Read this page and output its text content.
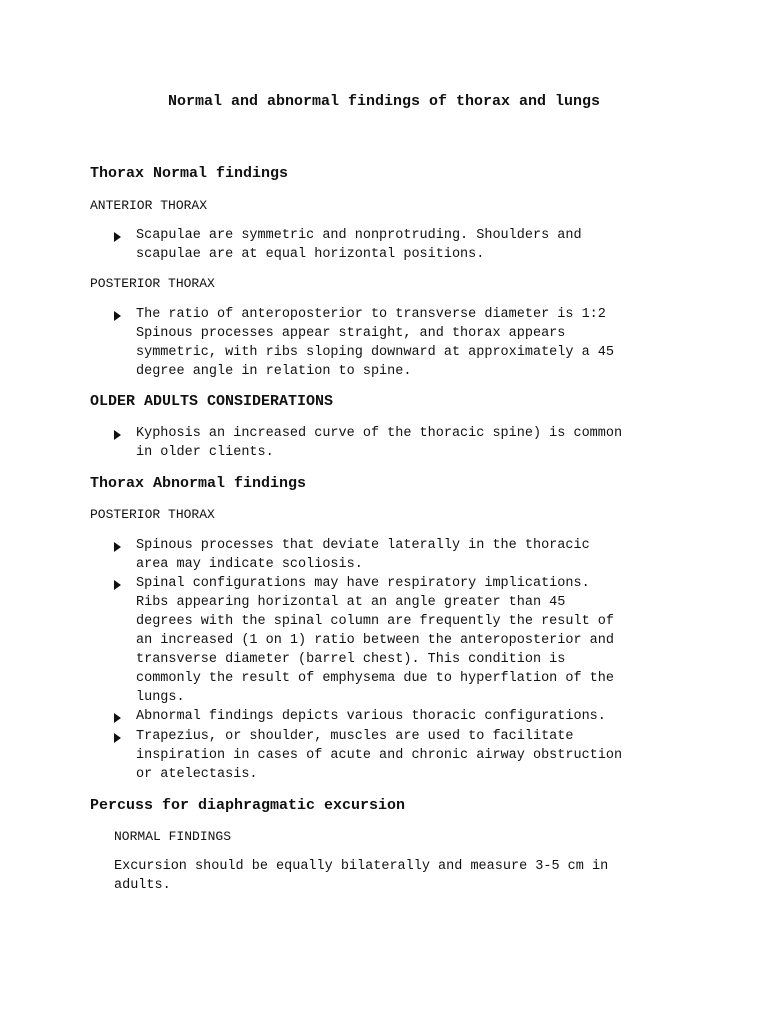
Normal and abnormal findings of thorax and lungs
Thorax Normal findings
ANTERIOR THORAX
Scapulae are symmetric and nonprotruding. Shoulders and
scapulae are at equal horizontal positions.
POSTERIOR THORAX
The ratio of anteroposterior to transverse diameter is 1:2
Spinous processes appear straight, and thorax appears
symmetric, with ribs sloping downward at approximately a 45
degree angle in relation to spine.
OLDER ADULTS CONSIDERATIONS
Kyphosis an increased curve of the thoracic spine) is common
in older clients.
Thorax Abnormal findings
POSTERIOR THORAX
Spinous processes that deviate laterally in the thoracic
area may indicate scoliosis.
Spinal configurations may have respiratory implications.
Ribs appearing horizontal at an angle greater than 45
degrees with the spinal column are frequently the result of
an increased (1 on 1) ratio between the anteroposterior and
transverse diameter (barrel chest). This condition is
commonly the result of emphysema due to hyperflation of the
lungs.
Abnormal findings depicts various thoracic configurations.
Trapezius, or shoulder, muscles are used to facilitate
inspiration in cases of acute and chronic airway obstruction
or atelectasis.
Percuss for diaphragmatic excursion
NORMAL FINDINGS
Excursion should be equally bilaterally and measure 3-5 cm in
adults.
